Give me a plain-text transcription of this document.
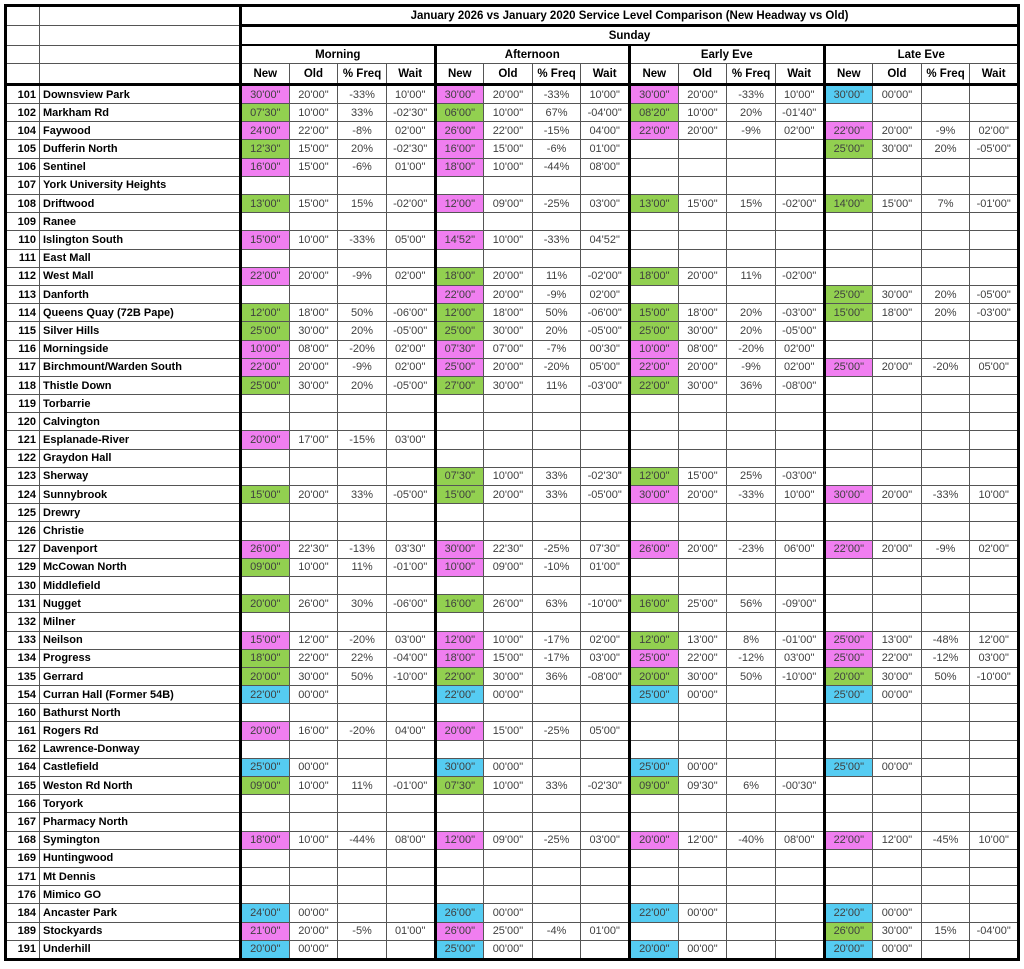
		January 2026 vs January 2020 Service Level Comparison (New Headway vs Old)															
		Sunday															
		Morning				Afternoon				Early Eve				Late Eve			
		New	Old	% Freq	Wait	New	Old	% Freq	Wait	New	Old	% Freq	Wait	New	Old	% Freq	Wait
101	Downsview Park	30'00"	20'00"	-33%	10'00"	30'00"	20'00"	-33%	10'00"	30'00"	20'00"	-33%	10'00"	30'00"	00'00"		
102	Markham Rd	07'30"	10'00"	33%	-02'30"	06'00"	10'00"	67%	-04'00"	08'20"	10'00"	20%	-01'40"				
104	Faywood	24'00"	22'00"	-8%	02'00"	26'00"	22'00"	-15%	04'00"	22'00"	20'00"	-9%	02'00"	22'00"	20'00"	-9%	02'00"
105	Dufferin North	12'30"	15'00"	20%	-02'30"	16'00"	15'00"	-6%	01'00"					25'00"	30'00"	20%	-05'00"
106	Sentinel	16'00"	15'00"	-6%	01'00"	18'00"	10'00"	-44%	08'00"								
107	York University Heights																
108	Driftwood	13'00"	15'00"	15%	-02'00"	12'00"	09'00"	-25%	03'00"	13'00"	15'00"	15%	-02'00"	14'00"	15'00"	7%	-01'00"
109	Ranee																
110	Islington South	15'00"	10'00"	-33%	05'00"	14'52"	10'00"	-33%	04'52"								
111	East Mall																
112	West Mall	22'00"	20'00"	-9%	02'00"	18'00"	20'00"	11%	-02'00"	18'00"	20'00"	11%	-02'00"				
113	Danforth					22'00"	20'00"	-9%	02'00"					25'00"	30'00"	20%	-05'00"
114	Queens Quay (72B Pape)	12'00"	18'00"	50%	-06'00"	12'00"	18'00"	50%	-06'00"	15'00"	18'00"	20%	-03'00"	15'00"	18'00"	20%	-03'00"
115	Silver Hills	25'00"	30'00"	20%	-05'00"	25'00"	30'00"	20%	-05'00"	25'00"	30'00"	20%	-05'00"				
116	Morningside	10'00"	08'00"	-20%	02'00"	07'30"	07'00"	-7%	00'30"	10'00"	08'00"	-20%	02'00"				
117	Birchmount/Warden South	22'00"	20'00"	-9%	02'00"	25'00"	20'00"	-20%	05'00"	22'00"	20'00"	-9%	02'00"	25'00"	20'00"	-20%	05'00"
118	Thistle Down	25'00"	30'00"	20%	-05'00"	27'00"	30'00"	11%	-03'00"	22'00"	30'00"	36%	-08'00"				
119	Torbarrie																
120	Calvington																
121	Esplanade-River	20'00"	17'00"	-15%	03'00"												
122	Graydon Hall																
123	Sherway					07'30"	10'00"	33%	-02'30"	12'00"	15'00"	25%	-03'00"				
124	Sunnybrook	15'00"	20'00"	33%	-05'00"	15'00"	20'00"	33%	-05'00"	30'00"	20'00"	-33%	10'00"	30'00"	20'00"	-33%	10'00"
125	Drewry																
126	Christie																
127	Davenport	26'00"	22'30"	-13%	03'30"	30'00"	22'30"	-25%	07'30"	26'00"	20'00"	-23%	06'00"	22'00"	20'00"	-9%	02'00"
129	McCowan North	09'00"	10'00"	11%	-01'00"	10'00"	09'00"	-10%	01'00"								
130	Middlefield																
131	Nugget	20'00"	26'00"	30%	-06'00"	16'00"	26'00"	63%	-10'00"	16'00"	25'00"	56%	-09'00"				
132	Milner																
133	Neilson	15'00"	12'00"	-20%	03'00"	12'00"	10'00"	-17%	02'00"	12'00"	13'00"	8%	-01'00"	25'00"	13'00"	-48%	12'00"
134	Progress	18'00"	22'00"	22%	-04'00"	18'00"	15'00"	-17%	03'00"	25'00"	22'00"	-12%	03'00"	25'00"	22'00"	-12%	03'00"
135	Gerrard	20'00"	30'00"	50%	-10'00"	22'00"	30'00"	36%	-08'00"	20'00"	30'00"	50%	-10'00"	20'00"	30'00"	50%	-10'00"
154	Curran Hall (Former 54B)	22'00"	00'00"			22'00"	00'00"			25'00"	00'00"			25'00"	00'00"		
160	Bathurst North																
161	Rogers Rd	20'00"	16'00"	-20%	04'00"	20'00"	15'00"	-25%	05'00"								
162	Lawrence-Donway																
164	Castlefield	25'00"	00'00"			30'00"	00'00"			25'00"	00'00"			25'00"	00'00"		
165	Weston Rd North	09'00"	10'00"	11%	-01'00"	07'30"	10'00"	33%	-02'30"	09'00"	09'30"	6%	-00'30"				
166	Toryork																
167	Pharmacy North																
168	Symington	18'00"	10'00"	-44%	08'00"	12'00"	09'00"	-25%	03'00"	20'00"	12'00"	-40%	08'00"	22'00"	12'00"	-45%	10'00"
169	Huntingwood																
171	Mt Dennis																
176	Mimico GO																
184	Ancaster Park	24'00"	00'00"			26'00"	00'00"			22'00"	00'00"			22'00"	00'00"		
189	Stockyards	21'00"	20'00"	-5%	01'00"	26'00"	25'00"	-4%	01'00"					26'00"	30'00"	15%	-04'00"
191	Underhill	20'00"	00'00"			25'00"	00'00"			20'00"	00'00"			20'00"	00'00"		
